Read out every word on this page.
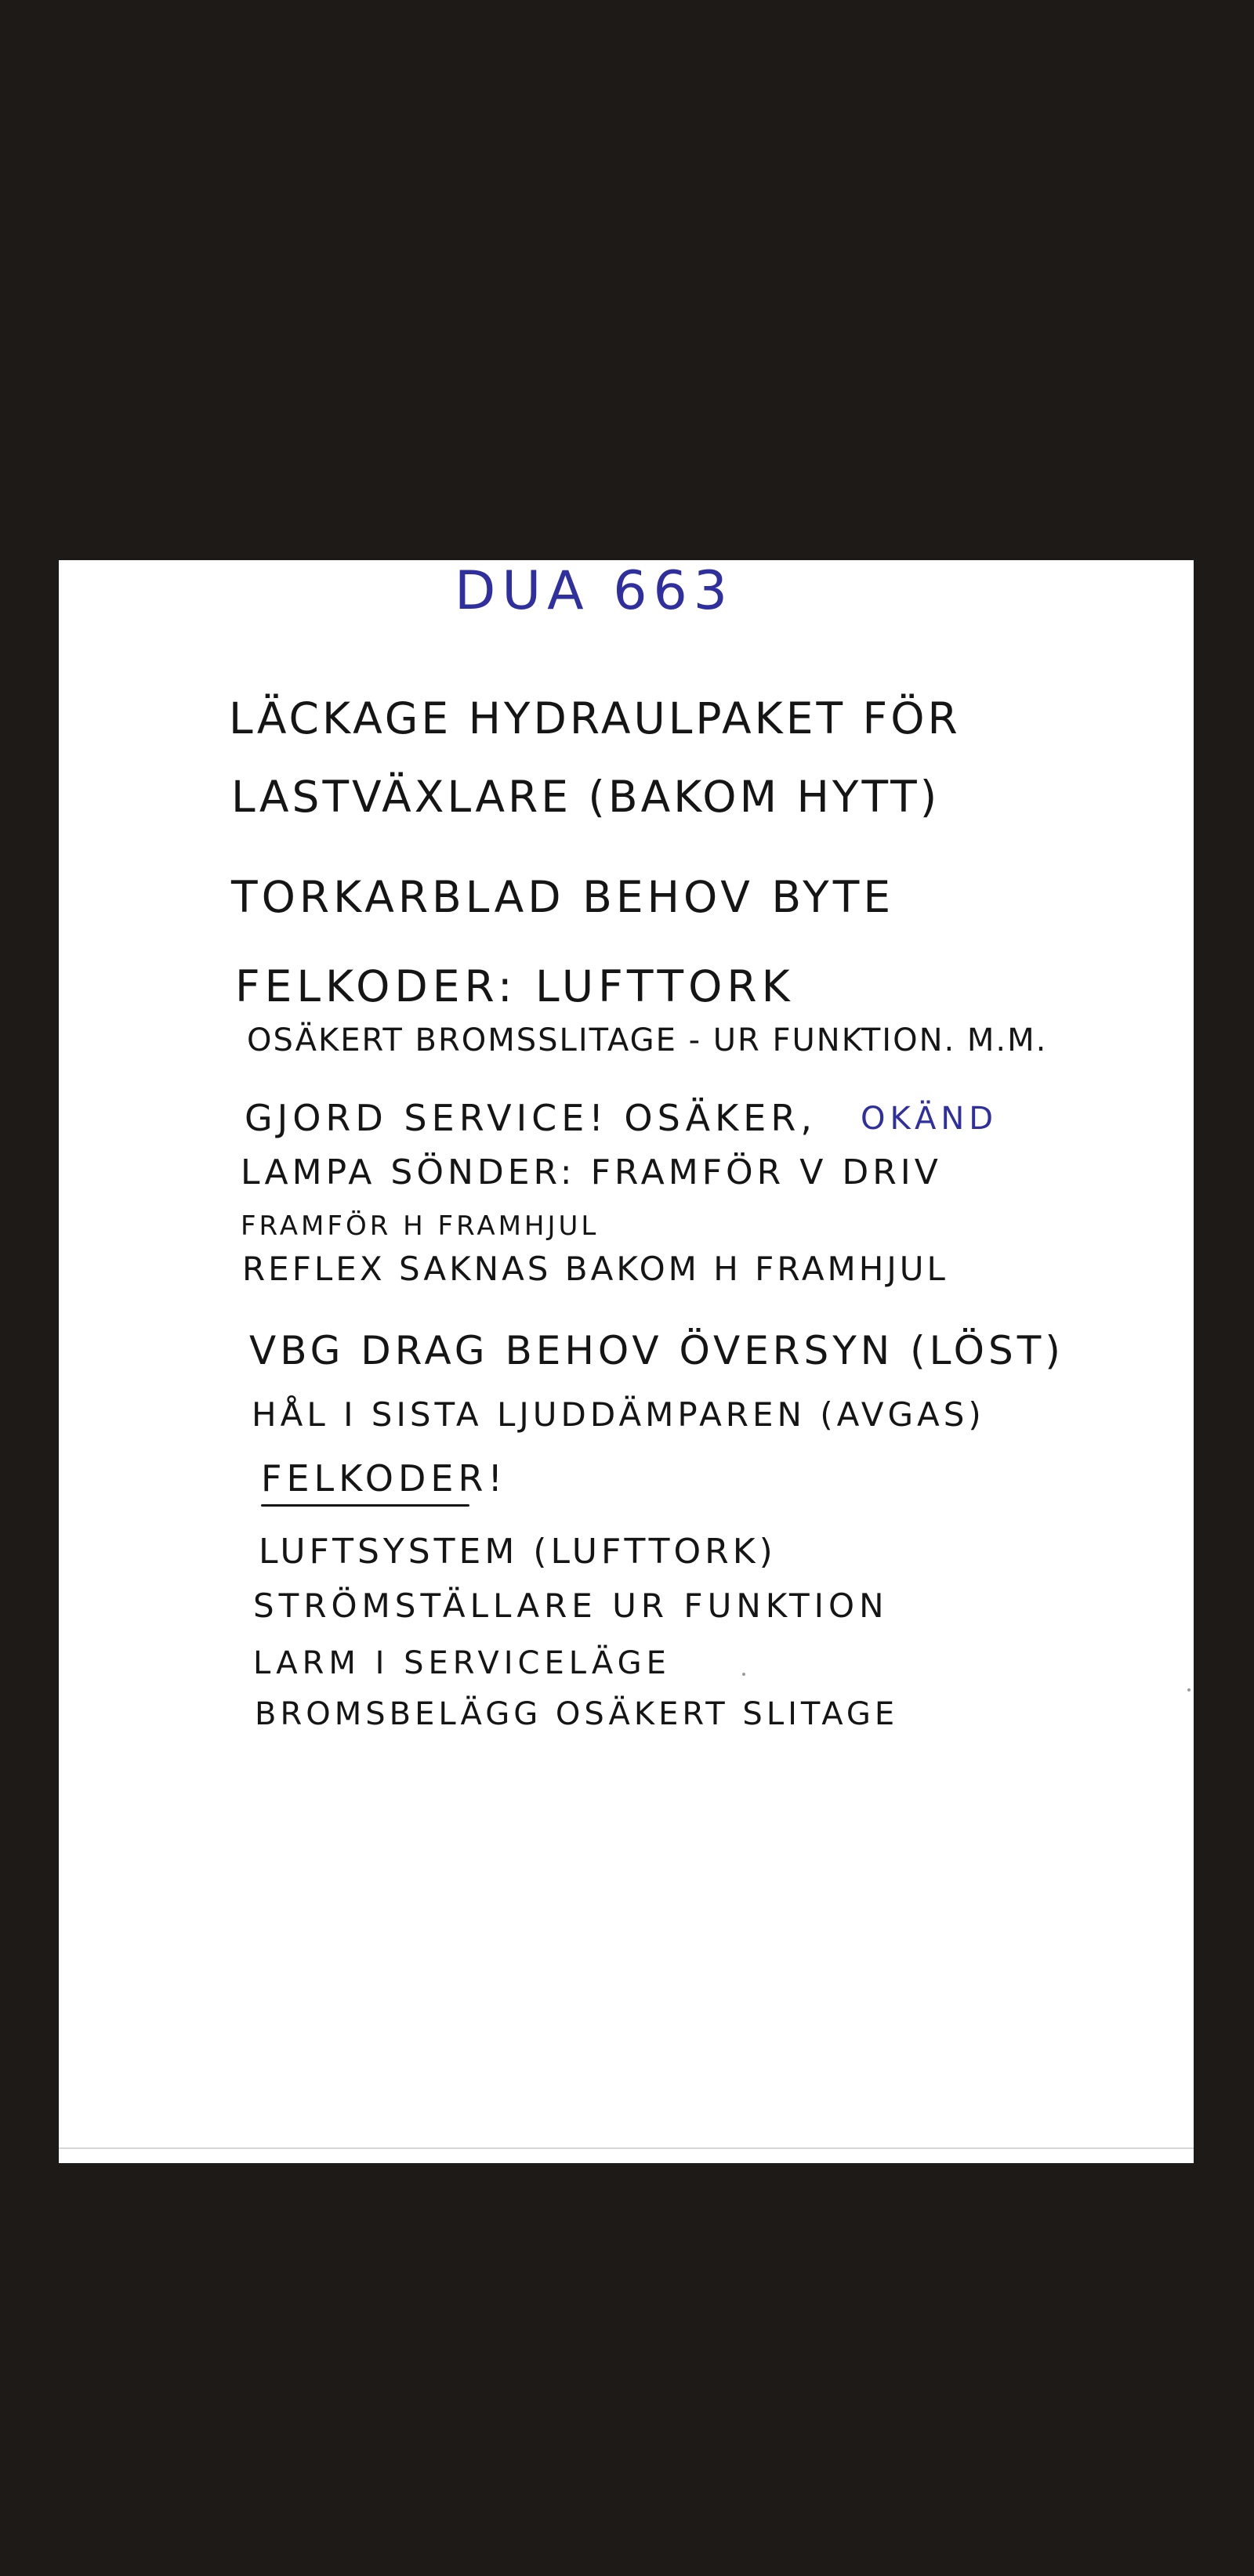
DUA 663
LÄCKAGE HYDRAULPAKET FÖR
LASTVÄXLARE (BAKOM HYTT)
TORKARBLAD BEHOV BYTE
FELKODER: LUFTTORK
OSÄKERT BROMSSLITAGE - UR FUNKTION. M.M.
GJORD SERVICE! OSÄKER, OKÄND
LAMPA SÖNDER: FRAMFÖR V DRIV
FRAMFÖR H FRAMHJUL
REFLEX SAKNAS BAKOM H FRAMHJUL
VBG DRAG BEHOV ÖVERSYN (LÖST)
HÅL I SISTA LJUDDÄMPAREN (AVGAS)
FELKODER!
LUFTSYSTEM (LUFTTORK)
STRÖMSTÄLLARE UR FUNKTION
LARM I SERVICELÄGE
BROMSBELÄGG OSÄKERT SLITAGE
